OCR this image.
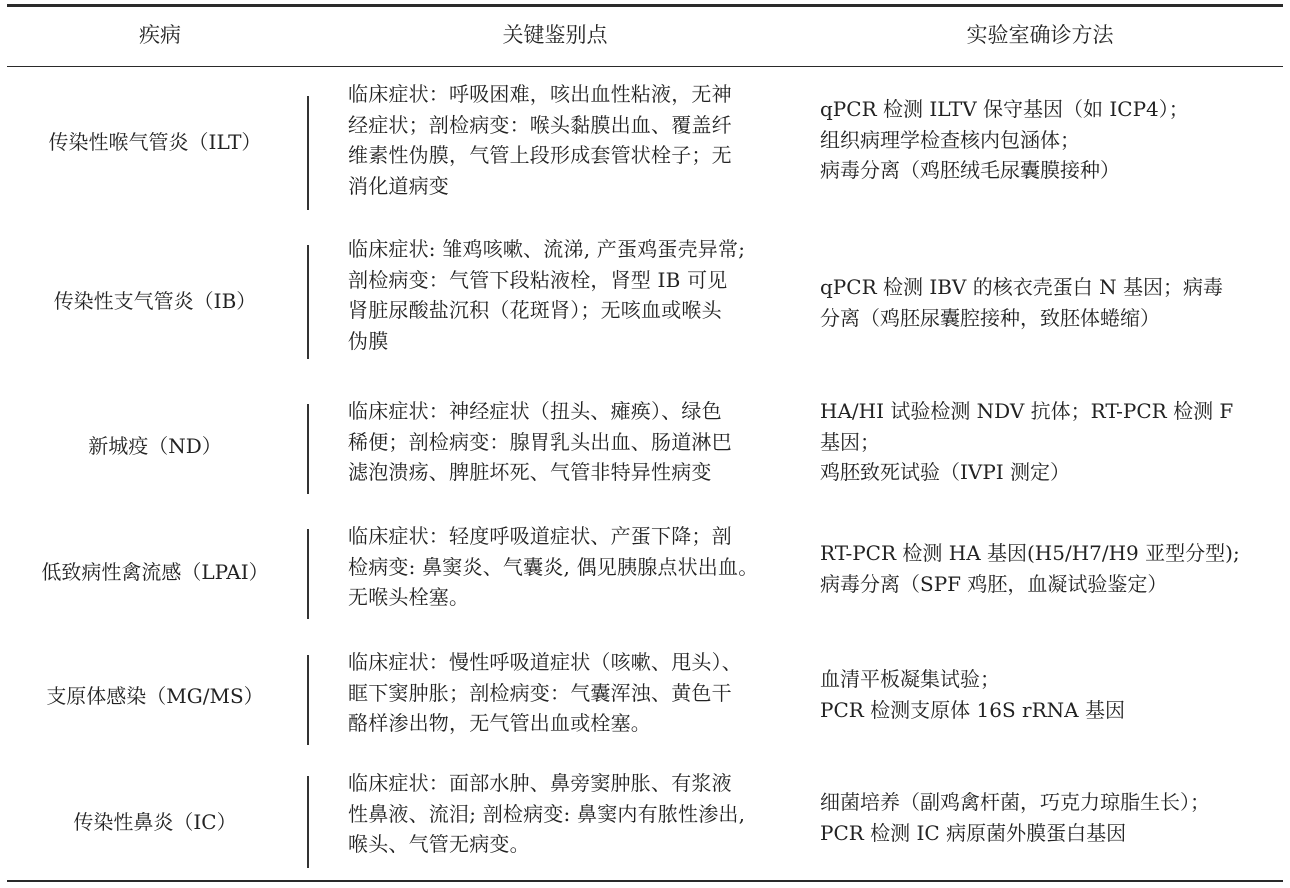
疾病	关键鉴别点	实验室确诊方法
传染性喉气管炎（ILT）
临床症状：呼吸困难，咳出血性粘液，无神
经症状；剖检病变：喉头黏膜出血、覆盖纤
维素性伪膜，气管上段形成套管状栓子；无
消化道病变
qPCR 检测 ILTV 保守基因（如 ICP4）；
组织病理学检查核内包涵体；
病毒分离（鸡胚绒毛尿囊膜接种）
传染性支气管炎（IB）
临床症状: 雏鸡咳嗽、流涕, 产蛋鸡蛋壳异常;
剖检病变：气管下段粘液栓，肾型 IB 可见
肾脏尿酸盐沉积（花斑肾）；无咳血或喉头
伪膜
qPCR 检测 IBV 的核衣壳蛋白 N 基因；病毒
分离（鸡胚尿囊腔接种，致胚体蜷缩）
新城疫（ND）
临床症状：神经症状（扭头、瘫痪）、绿色
稀便；剖检病变：腺胃乳头出血、肠道淋巴
滤泡溃疡、脾脏坏死、气管非特异性病变
HA/HI 试验检测 NDV 抗体；RT-PCR 检测 F
基因；
鸡胚致死试验（IVPI 测定）
低致病性禽流感（LPAI）
临床症状：轻度呼吸道症状、产蛋下降；剖
检病变: 鼻窦炎、气囊炎, 偶见胰腺点状出血。
无喉头栓塞。
RT-PCR 检测 HA 基因(H5/H7/H9 亚型分型);
病毒分离（SPF 鸡胚，血凝试验鉴定）
支原体感染（MG/MS）
临床症状：慢性呼吸道症状（咳嗽、甩头）、
眶下窦肿胀；剖检病变：气囊浑浊、黄色干
酪样渗出物，无气管出血或栓塞。
血清平板凝集试验；
PCR 检测支原体 16S rRNA 基因
传染性鼻炎（IC）
临床症状：面部水肿、鼻旁窦肿胀、有浆液
性鼻液、流泪; 剖检病变: 鼻窦内有脓性渗出,
喉头、气管无病变。
细菌培养（副鸡禽杆菌，巧克力琼脂生长）；
PCR 检测 IC 病原菌外膜蛋白基因
